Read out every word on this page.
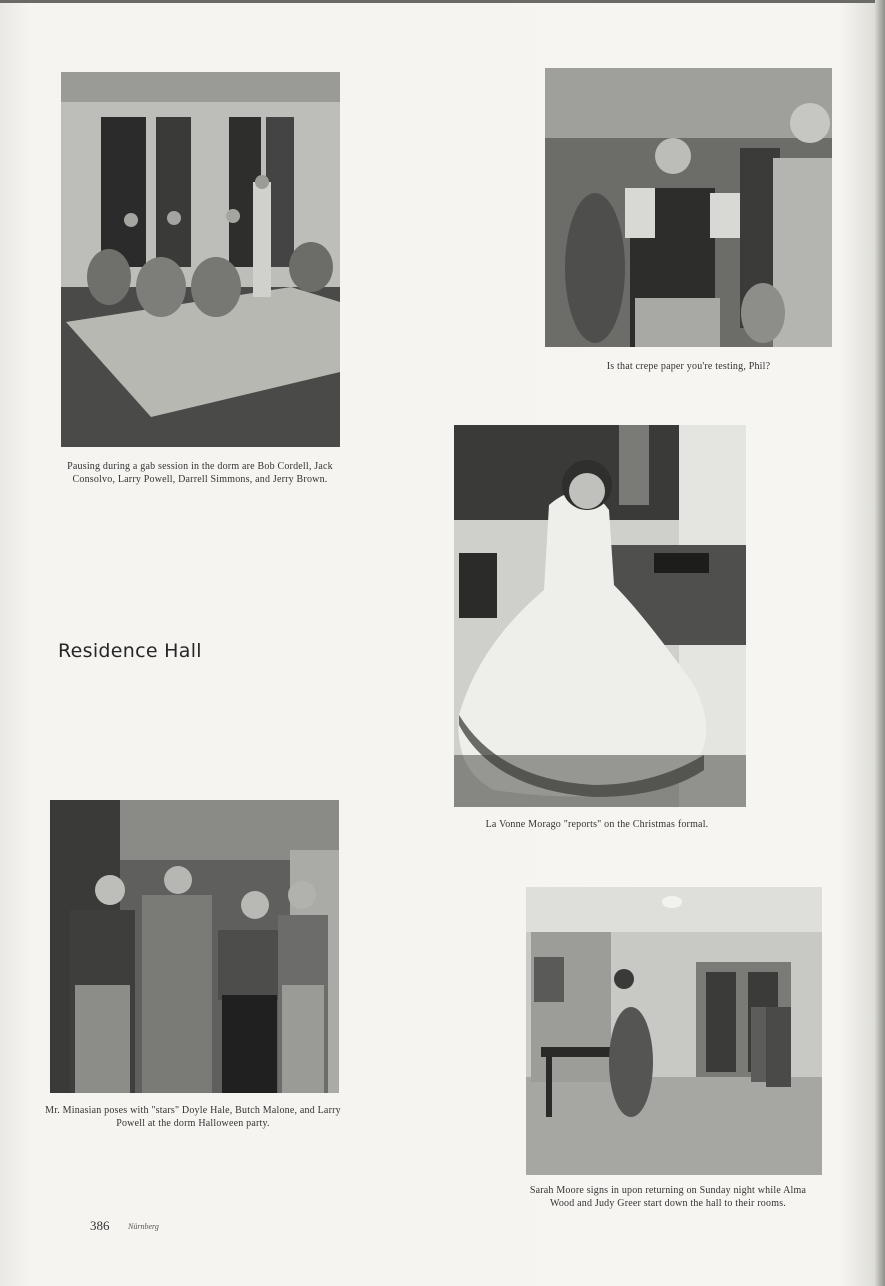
Pausing during a gab session in the dorm are Bob Cordell, Jack Consolvo, Larry Powell, Darrell Simmons, and Jerry Brown.
Is that crepe paper you're testing, Phil?
La Vonne Morago "reports" on the Christmas formal.
Residence Hall
Mr. Minasian poses with "stars" Doyle Hale, Butch Malone, and Larry Powell at the dorm Halloween party.
Sarah Moore signs in upon returning on Sunday night while Alma Wood and Judy Greer start down the hall to their rooms.
386 Nürnberg
